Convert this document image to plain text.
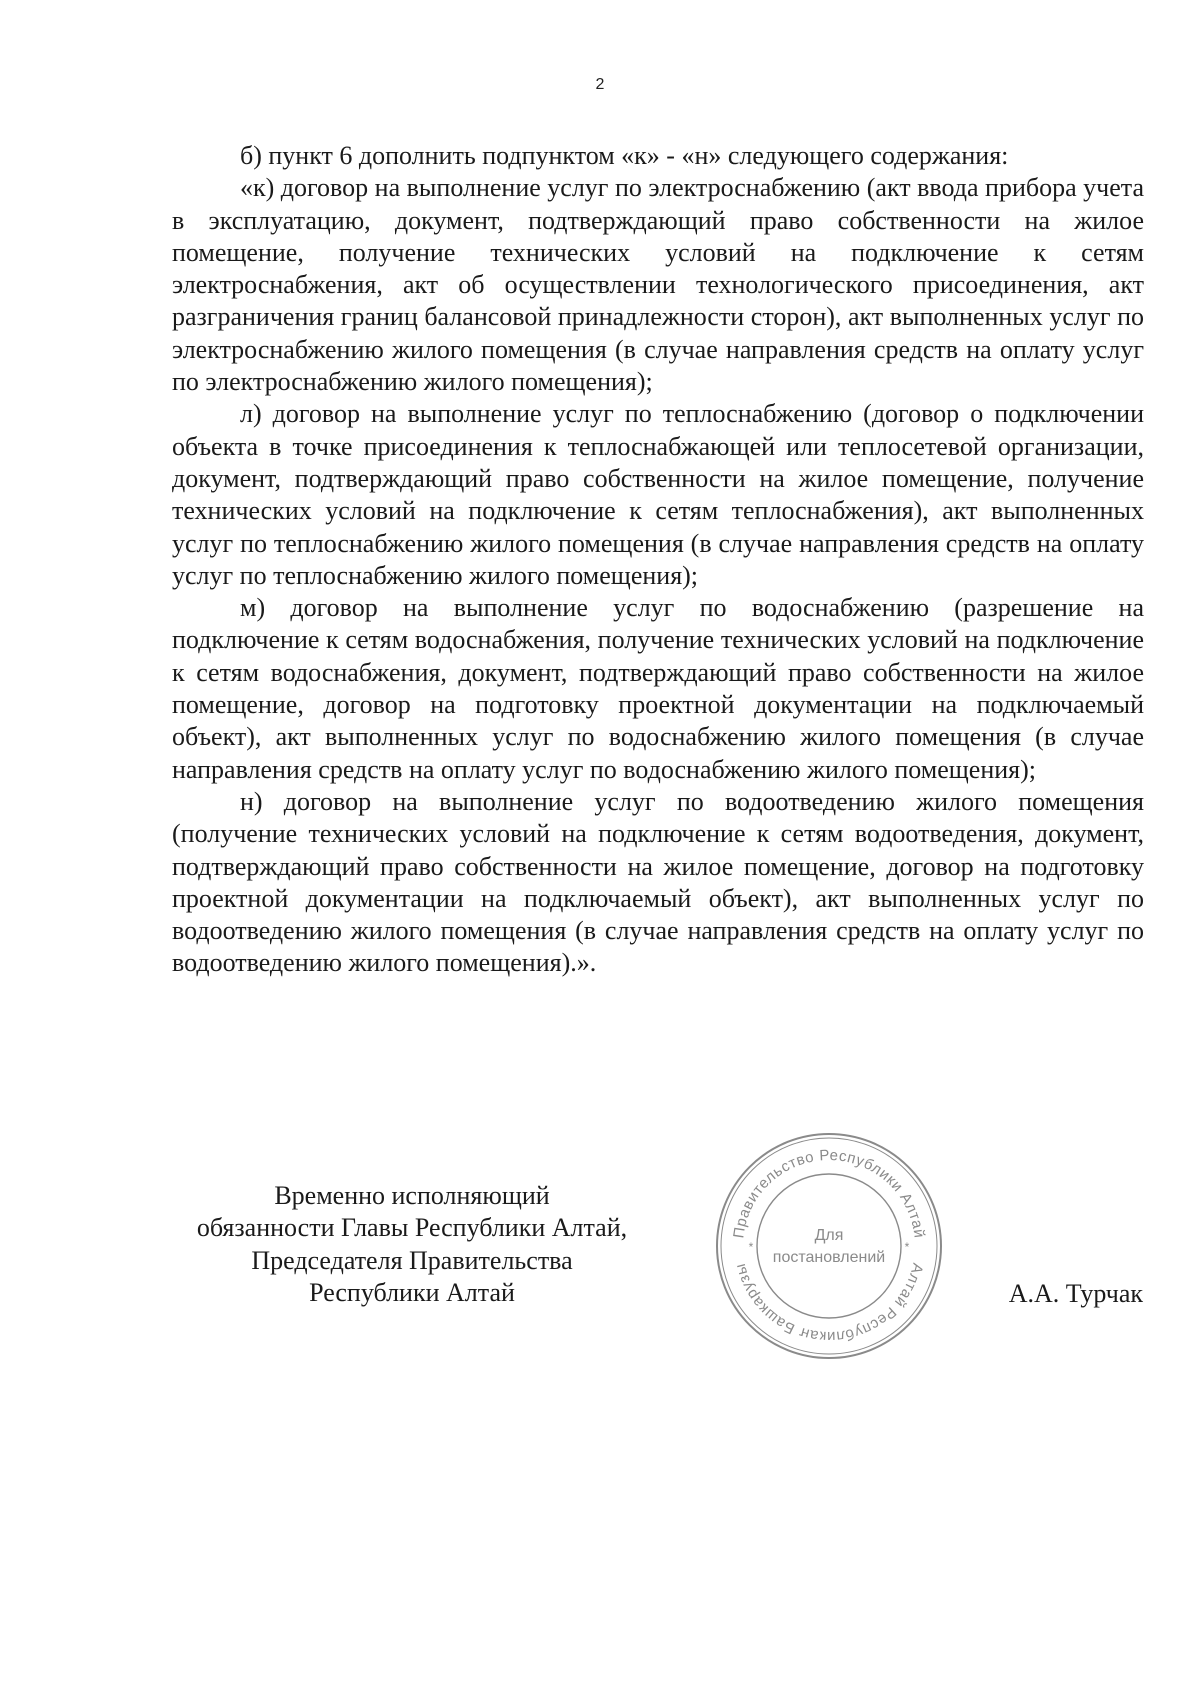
2

б) пункт 6 дополнить подпунктом «к» - «н» следующего содержания:

«к) договор на выполнение услуг по электроснабжению (акт ввода прибора учета в эксплуатацию, документ, подтверждающий право собственности на жилое помещение, получение технических условий на подключение к сетям электроснабжения, акт об осуществлении технологического присоединения, акт разграничения границ балансовой принадлежности сторон), акт выполненных услуг по электроснабжению жилого помещения (в случае направления средств на оплату услуг по электроснабжению жилого помещения);

л) договор на выполнение услуг по теплоснабжению (договор о подключении объекта в точке присоединения к теплоснабжающей или теплосетевой организации, документ, подтверждающий право собственности на жилое помещение, получение технических условий на подключение к сетям теплоснабжения), акт выполненных услуг по теплоснабжению жилого помещения (в случае направления средств на оплату услуг по теплоснабжению жилого помещения);

м) договор на выполнение услуг по водоснабжению (разрешение на подключение к сетям водоснабжения, получение технических условий на подключение к сетям водоснабжения, документ, подтверждающий право собственности на жилое помещение, договор на подготовку проектной документации на подключаемый объект), акт выполненных услуг по водоснабжению жилого помещения (в случае направления средств на оплату услуг по водоснабжению жилого помещения);

н) договор на выполнение услуг по водоотведению жилого помещения (получение технических условий на подключение к сетям водоотведения, документ, подтверждающий право собственности на жилое помещение, договор на подготовку проектной документации на подключаемый объект), акт выполненных услуг по водоотведению жилого помещения (в случае направления средств на оплату услуг по водоотведению жилого помещения).».

Временно исполняющий
обязанности Главы Республики Алтай,
Председателя Правительства
Республики Алтай	А.А. Турчак
Правительство Республики Алтай
Алтай Республикаҥ Башкарузы
*	*
Для
постановлений
